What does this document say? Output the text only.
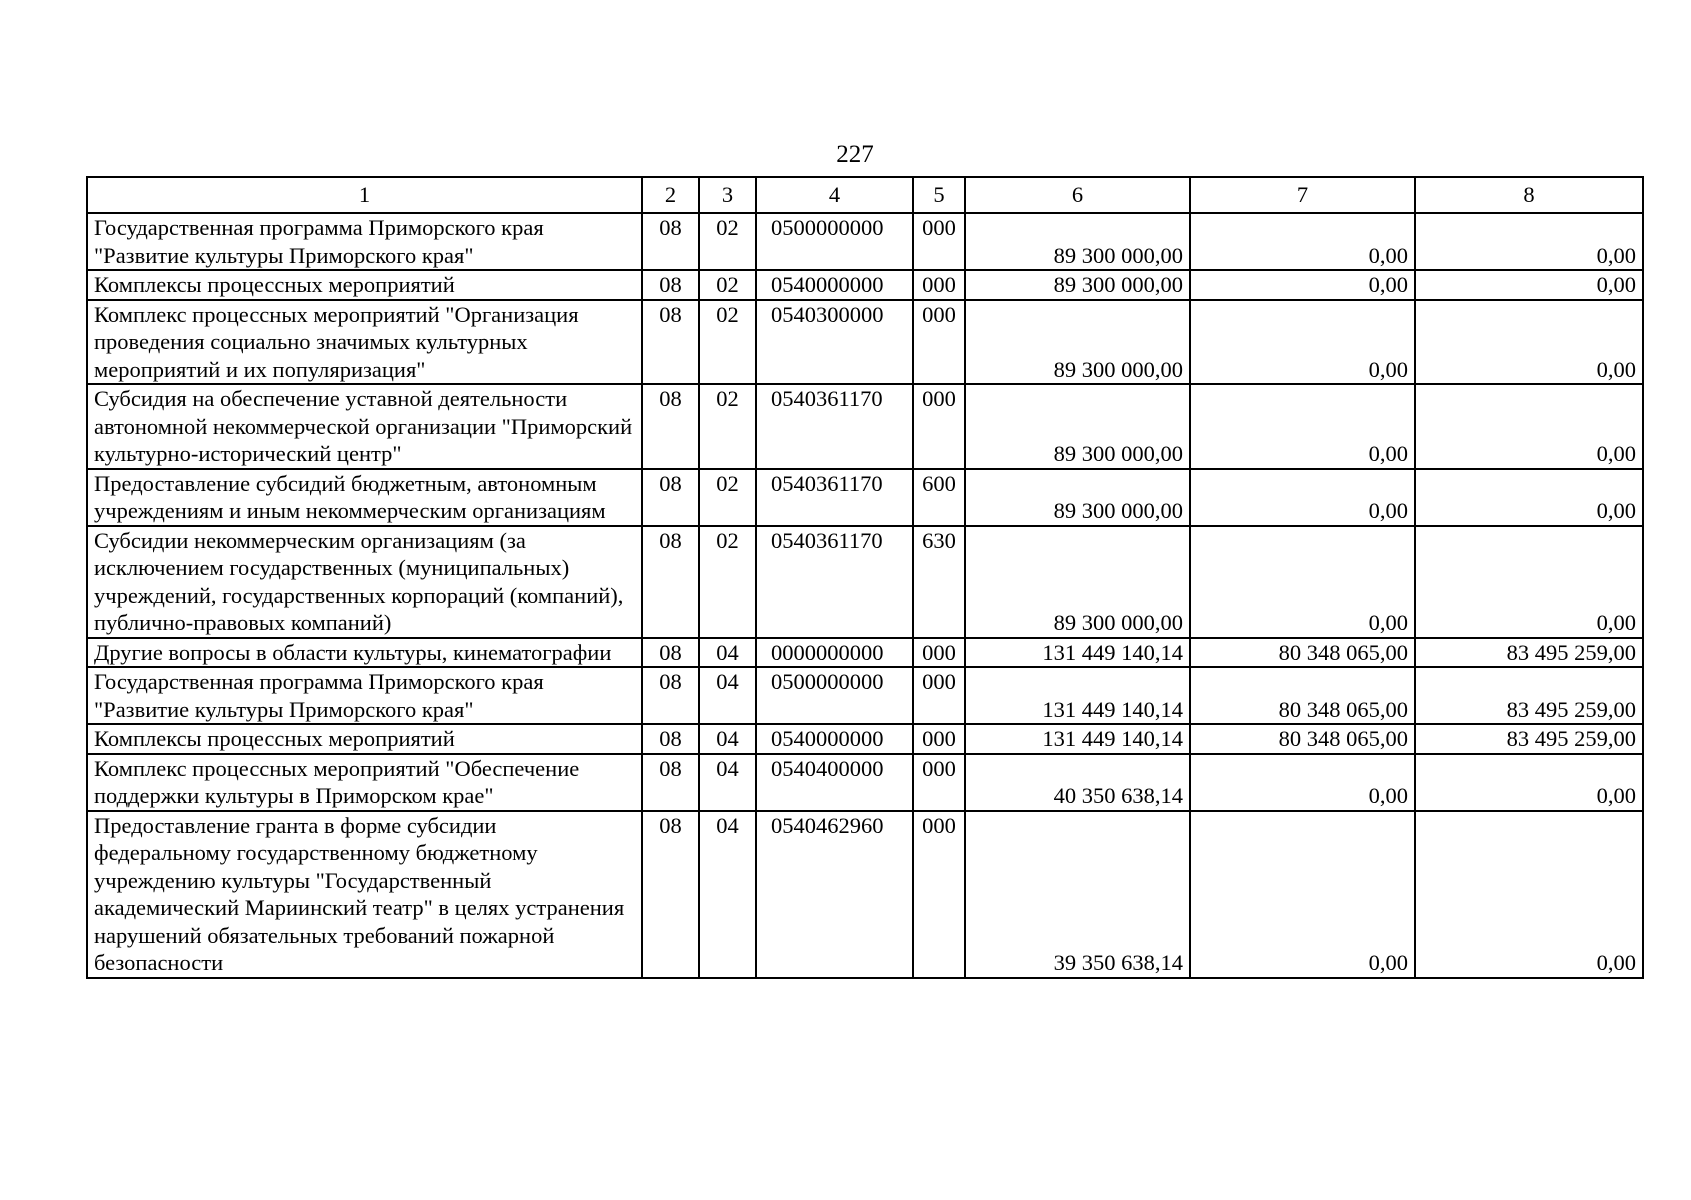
227
1	2	3	4	5	6	7	8
Государственная программа Приморского края "Развитие культуры Приморского края"	08	02	0500000000	000	89 300 000,00	0,00	0,00
Комплексы процессных мероприятий	08	02	0540000000	000	89 300 000,00	0,00	0,00
Комплекс процессных мероприятий "Организация проведения социально значимых культурных мероприятий и их популяризация"	08	02	0540300000	000	89 300 000,00	0,00	0,00
Субсидия на обеспечение уставной деятельности автономной некоммерческой организации "Приморский культурно-исторический центр"	08	02	0540361170	000	89 300 000,00	0,00	0,00
Предоставление субсидий бюджетным, автономным учреждениям и иным некоммерческим организациям	08	02	0540361170	600	89 300 000,00	0,00	0,00
Субсидии некоммерческим организациям (за исключением государственных (муниципальных) учреждений, государственных корпораций (компаний), публично-правовых компаний)	08	02	0540361170	630	89 300 000,00	0,00	0,00
Другие вопросы в области культуры, кинематографии	08	04	0000000000	000	131 449 140,14	80 348 065,00	83 495 259,00
Государственная программа Приморского края "Развитие культуры Приморского края"	08	04	0500000000	000	131 449 140,14	80 348 065,00	83 495 259,00
Комплексы процессных мероприятий	08	04	0540000000	000	131 449 140,14	80 348 065,00	83 495 259,00
Комплекс процессных мероприятий "Обеспечение поддержки культуры в Приморском крае"	08	04	0540400000	000	40 350 638,14	0,00	0,00
Предоставление гранта в форме субсидии федеральному государственному бюджетному учреждению культуры "Государственный академический Мариинский театр" в целях устранения нарушений обязательных требований пожарной безопасности	08	04	0540462960	000	39 350 638,14	0,00	0,00
